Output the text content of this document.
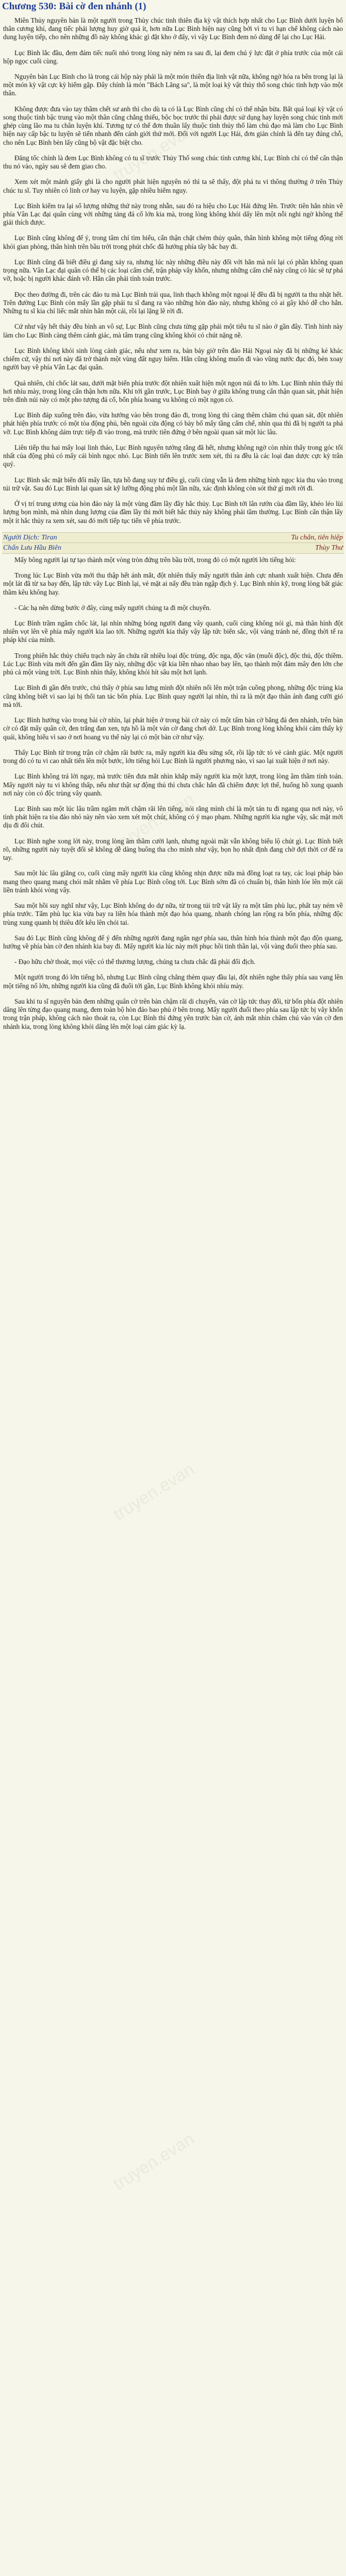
Chương 530: Bài cờ đen nhánh (1)

Miên Thủy nguyên bản là một người trong Thùy chúc tinh thiên địa kỳ vật thích hợp nhất cho Lục Bình dưới luyện bổ thân cương khí, đang tiếc phải lượng huy giờ quá ít, hơn nữa Lục Bình hiện nay cũng bởi vì tu vi hạn chế không cách nào dung luyện tiếp, cho nên những đồ này không khác gì đặt kho ở đấy, vì vậy Lục Bình đem nó dùng để lại cho Lục Hải.

Lục Bình lắc đầu, đem đám tiếc nuối nhỏ trong lòng này ném ra sau đi, lại đem chú ý lực đặt ở phía trước của một cái hộp ngọc cuối cùng.

Nguyên bản Lục Bình cho là trong cái hộp này phải là một món thiên địa linh vật nữa, không ngờ hóa ra bên trong lại là một món kỳ vật cực kỳ hiếm gặp. Đây chính là món "Bách Lăng sa", là một loại kỳ vật thủy thổ song chúc tinh hợp vào một thân.

Không được đưa vào tay thầm chết sư anh thì cho dù ta có là Lục Bình cũng chỉ có thể nhận bừa. Bất quá loại kỳ vật có song thuộc tính bậc trung vào một thân cũng chẳng thiếu, bộc bọc trước thì phải được sử dụng hay luyện song chúc tinh mới ghép cùng lão ma tu chân luyện khí. Tương tự có thể đơn thuần lấy thuộc tính thủy thổ làm chủ đạo mà làm cho Lục Bình hiện nay cấp bậc tu luyện sẽ tiến nhanh đến cảnh giới thứ mới. Đối với người Lục Hải, đơn giản chính là đến tay đúng chỗ, cho nên Lục Bình bèn lấy cũng bộ vật đặc biệt cho.

Đăng tốc chính là đem Lục Bình không có tu sĩ trước Thủy Thổ song chúc tính cương khí, Lục Bình chỉ có thể cẩn thận thu nó vào, ngày sau sẽ đem giao cho.

Xem xét một mảnh giấy ghi là cho người phát hiện nguyên nó thì ta sẽ thấy, đột phá tu vi thông thường ở trên Thủy chúc tu sĩ. Tuy nhiên có linh cơ hay vu luyện, gặp nhiều hiểm nguy.

Lục Bình kiểm tra lại số lượng những thứ này trong nhẫn, sau đó ra hiệu cho Lục Hải đứng lên. Trước tiên hắn nhìn về phía Vân Lạc đại quân cùng với những tảng đá cổ lớn kia mà, trong lòng không khỏi dấy lên một nỗi nghi ngờ không thể giải thích được.

Lục Bình cũng không để ý, trong tâm chỉ tìm hiểu, cẩn thận chặt chém thủy quân, thân hình không một tiếng động rời khỏi gian phòng, thân hình trên bầu trời trong phút chốc đã hướng phía tây bắc bay đi.

Lục Bình cũng đã biết điều gì đang xảy ra, nhưng lúc này những điều này đối với hắn mà nói lại có phần không quan trọng nữa. Vân Lạc đại quân có thể bị các loại cấm chế, trận pháp vây khốn, nhưng những cấm chế này cũng có lúc sẽ tự phá vỡ, hoặc bị người khác đánh vỡ. Hắn cần phải tính toán trước.

Đọc theo đường đi, trên các đảo tu mà Lục Bình trải qua, linh thạch không một ngoại lệ đều đã bị người ta thu nhặt hết. Trên đường Lục Bình còn mấy lần gặp phải tu sĩ đang ra vào những hòn đảo này, nhưng không có ai gây khó dễ cho hắn. Những tu sĩ kia chỉ liếc mắt nhìn hắn một cái, rồi lại lặng lẽ rời đi.

Cứ như vậy hết thảy đều bình an vô sự, Lục Bình cũng chưa từng gặp phải một tiểu tu sĩ nào ở gần đây. Tình hình này làm cho Lục Bình càng thêm cảnh giác, mà tâm trạng cũng không khỏi có chút nặng nề.

Lục Bình không khỏi sinh lòng cảnh giác, nếu như xem ra, bản bảy giờ trên đảo Hải Ngoại này đã bị những kẻ khác chiếm cứ, vậy thì nơi này đã trở thành một vùng đất nguy hiểm. Hắn cũng không muốn đi vào vũng nước đục đó, bèn xoay người bay về phía Vân Lạc đại quân.

Quả nhiên, chỉ chốc lát sau, dưới mặt biển phía trước đột nhiên xuất hiện một ngọn núi đá to lớn. Lục Bình nhìn thấy thì hơi nhíu mày, trong lòng cẩn thận hơn nữa. Khi tới gần trước, Lục Bình bay ở giữa không trung cẩn thận quan sát, phát hiện trên đỉnh núi này có một pho tượng đá cổ, bốn phía hoang vu không có một ngọn cỏ.

Lục Bình đáp xuống trên đảo, vừa hướng vào bên trong đảo đi, trong lòng thì càng thêm chăm chú quan sát, đột nhiên phát hiện phía trước có một tòa động phủ, bên ngoài cửa động có bày bố mấy tầng cấm chế, nhìn qua thì đã bị người ta phá vỡ. Lục Bình không dám trực tiếp đi vào trong, mà trước tiên đứng ở bên ngoài quan sát một lúc lâu.

Liên tiếp thu hai mẩy loại linh thảo, Lục Bình nguyên tưởng rằng đã hết, nhưng không ngờ còn nhìn thấy trong góc tối nhất của động phủ có mấy cái bình ngọc nhỏ. Lục Bình tiến lên trước xem xét, thì ra đều là các loại đan dược cực kỳ trân quý.

Lục Bình sắc mặt biến đổi mấy lần, tựa hồ đang suy tư điều gì, cuối cùng vẫn là đem những bình ngọc kia thu vào trong túi trữ vật. Sau đó Lục Bình lại quan sát kỹ lưỡng động phủ một lần nữa, xác định không còn sót thứ gì mới rời đi.

Ở vị trí trung ương của hòn đảo này là một vùng đầm lầy đầy hắc thủy. Lục Bình tới lân rướn cùa đầm lầy, khéo léo lùi lượng bọn mình, mà nhìn dung lượng của đầm lầy thì mới biết hắc thủy này không phải tầm thường. Lục Bình cẩn thận lấy một ít hắc thủy ra xem xét, sau đó mới tiếp tục tiến về phía trước.

Người Dịch: Tiran	Tu chân, tiên hiệp
Chấn Lưu Hầu Biên	Thùy Thư

Mấy bông người lại tự tạo thành một vòng tròn đứng trên bầu trời, trong đó có một người lớn tiếng hỏi:

Trong lúc Lục Bình vừa mới thu thập hết ánh mắt, đột nhiên thấy mấy người thân ảnh cực nhanh xuất hiện. Chưa đến một lát đã từ xa bay đến, lập tức vây Lục Bình lại, vẻ mặt ai nấy đều tràn ngập địch ý. Lục Bình nhìn kỹ, trong lòng bất giác thầm kêu không hay.

- Các hạ nên dừng bước ở đây, cùng mấy người chúng ta đi một chuyến.

Lục Bình trầm ngâm chốc lát, lại nhìn những bóng người đang vây quanh, cuối cùng không nói gì, mà thân hình đột nhiên vọt lên về phía mấy người kia lao tới. Những người kia thấy vậy lập tức biến sắc, vội vàng tránh né, đồng thời tế ra pháp khí của mình.

Trong phiến hắc thủy chiếu trạch này ẩn chứa rất nhiều loại độc trùng, độc nga, độc văn (muỗi độc), độc thủ, độc thiềm. Lúc Lục Bình vừa mới đến gần đầm lầy này, những độc vật kia liền nhao nhao bay lên, tạo thành một đám mây đen lớn che phủ cả một vùng trời. Lục Bình nhìn thấy, không khỏi hít sâu một hơi lạnh.

Lục Bình đi gần đến trước, chú thấy ở phía sau lưng mình đột nhiên nổi lên một trận cuồng phong, những độc trùng kia cũng không biết vì sao lại bị thổi tan tác bốn phía. Lục Bình quay người lại nhìn, thì ra là một đạo thân ảnh đang cưỡi gió mà tới.

Lục Bình hướng vào trong bài cờ nhìn, lại phát hiện ở trong bài cờ này có một tấm bàn cờ bằng đá đen nhánh, trên bàn cờ có đặt mấy quân cờ, đen trắng đan xen, tựa hồ là một ván cờ đang chơi dở. Lục Bình trong lòng không khỏi cảm thấy kỳ quái, không hiểu vì sao ở nơi hoang vu thế này lại có một bàn cờ như vậy.

Thấy Lục Bình từ trong trận cờ chậm rãi bước ra, mấy người kia đều sửng sốt, rồi lập tức tỏ vẻ cảnh giác. Một người trong đó có tu vi cao nhất tiến lên một bước, lớn tiếng hỏi Lục Bình là người phương nào, vì sao lại xuất hiện ở nơi này.

Lục Bình không trả lời ngay, mà trước tiên đưa mắt nhìn khắp mấy người kia một lượt, trong lòng âm thầm tính toán. Mấy người này tu vi không thấp, nếu như thật sự động thủ thì chưa chắc hắn đã chiếm được lợi thế, huống hồ xung quanh nơi này còn có độc trùng vây quanh.

Lục Bình sau một lúc lâu trầm ngâm mới chậm rãi lên tiếng, nói rằng mình chỉ là một tán tu đi ngang qua nơi này, vô tình phát hiện ra tòa đảo nhỏ này nên vào xem xét một chút, không có ý mạo phạm. Những người kia nghe vậy, sắc mặt mới dịu đi đôi chút.

Lục Bình nghe xong lời này, trong lòng âm thầm cười lạnh, nhưng ngoài mặt vẫn không biểu lộ chút gì. Lục Bình biết rõ, những người này tuyệt đối sẽ không dễ dàng buông tha cho mình như vậy, bọn họ nhất định đang chờ đợi thời cơ để ra tay.

Sau một lúc lâu giằng co, cuối cùng mấy người kia cũng không nhịn được nữa mà đồng loạt ra tay, các loại pháp bảo mang theo quang mang chói mắt nhằm về phía Lục Bình công tới. Lục Bình sớm đã có chuẩn bị, thân hình lóe lên một cái liền tránh khỏi vòng vây.

Sau một hồi suy nghĩ như vậy, Lục Bình không do dự nữa, từ trong túi trữ vật lấy ra một tấm phù lục, phất tay ném về phía trước. Tấm phù lục kia vừa bay ra liền hóa thành một đạo hỏa quang, nhanh chóng lan rộng ra bốn phía, những độc trùng xung quanh bị thiêu đốt kêu lên chói tai.

Sau đó Lục Bình cũng không để ý đến những người đang ngẩn ngơ phía sau, thân hình hóa thành một đạo độn quang, hướng về phía bàn cờ đen nhánh kia bay đi. Mấy người kia lúc này mới phục hồi tinh thần lại, vội vàng đuổi theo phía sau.

- Đạo hữu chờ thoát, mọi việc có thể thương lượng, chúng ta chưa chắc đã phải đối địch.

Một người trong đó lớn tiếng hô, nhưng Lục Bình cũng chẳng thèm quay đầu lại, đột nhiên nghe thấy phía sau vang lên một tiếng nổ lớn, những người kia cũng đã đuổi tới gần, Lục Bình không khỏi nhíu mày.

Sau khi tu sĩ nguyên bản đem những quân cờ trên bàn chậm rãi di chuyển, ván cờ lập tức thay đổi, từ bốn phía đột nhiên dâng lên từng đạo quang mang, đem toàn bộ hòn đảo bao phủ ở bên trong. Mấy người đuổi theo phía sau lập tức bị vây khốn trong trận pháp, không cách nào thoát ra, còn Lục Bình thì đứng yên trước bàn cờ, ánh mắt nhìn chăm chú vào ván cờ đen nhánh kia, trong lòng không khỏi dâng lên một loại cảm giác kỳ lạ.

truyen.evan
truyen.evan
truyen.evan
truyen.evan
